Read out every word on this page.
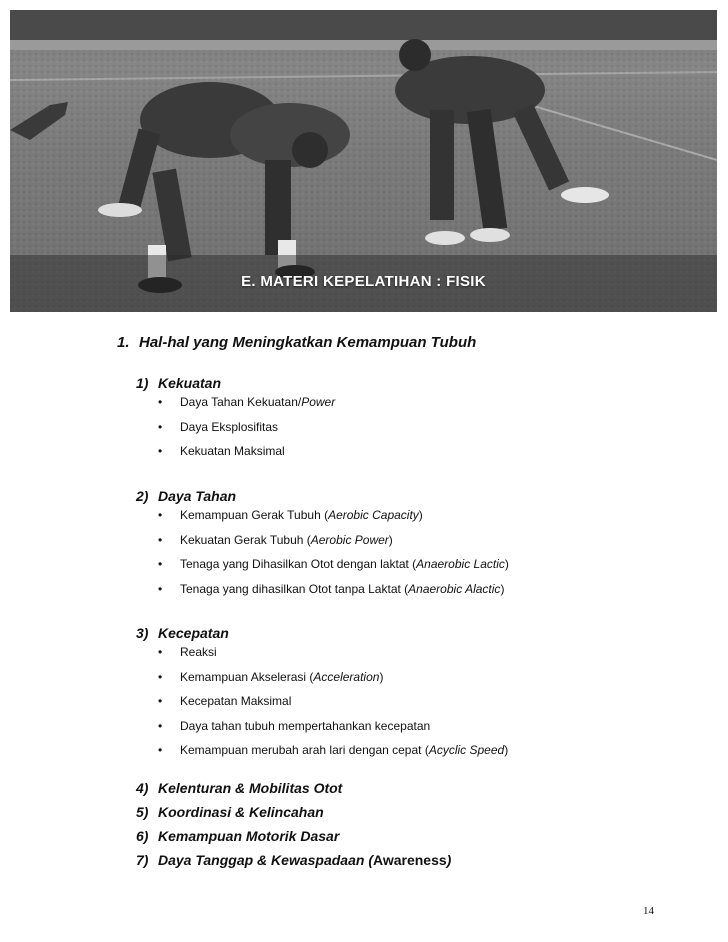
E. MATERI KEPELATIHAN : FISIK
1. Hal-hal yang Meningkatkan Kemampuan Tubuh
1) Kekuatan
• Daya Tahan Kekuatan/Power
• Daya Eksplosifitas
• Kekuatan Maksimal
2) Daya Tahan
• Kemampuan Gerak Tubuh (Aerobic Capacity)
• Kekuatan Gerak Tubuh (Aerobic Power)
• Tenaga yang Dihasilkan Otot dengan laktat (Anaerobic Lactic)
• Tenaga yang dihasilkan Otot tanpa Laktat (Anaerobic Alactic)
3) Kecepatan
• Reaksi
• Kemampuan Akselerasi (Acceleration)
• Kecepatan Maksimal
• Daya tahan tubuh mempertahankan kecepatan
• Kemampuan merubah arah lari dengan cepat (Acyclic Speed)
4) Kelenturan & Mobilitas Otot
5) Koordinasi & Kelincahan
6) Kemampuan Motorik Dasar
7) Daya Tanggap & Kewaspadaan (Awareness)
14
